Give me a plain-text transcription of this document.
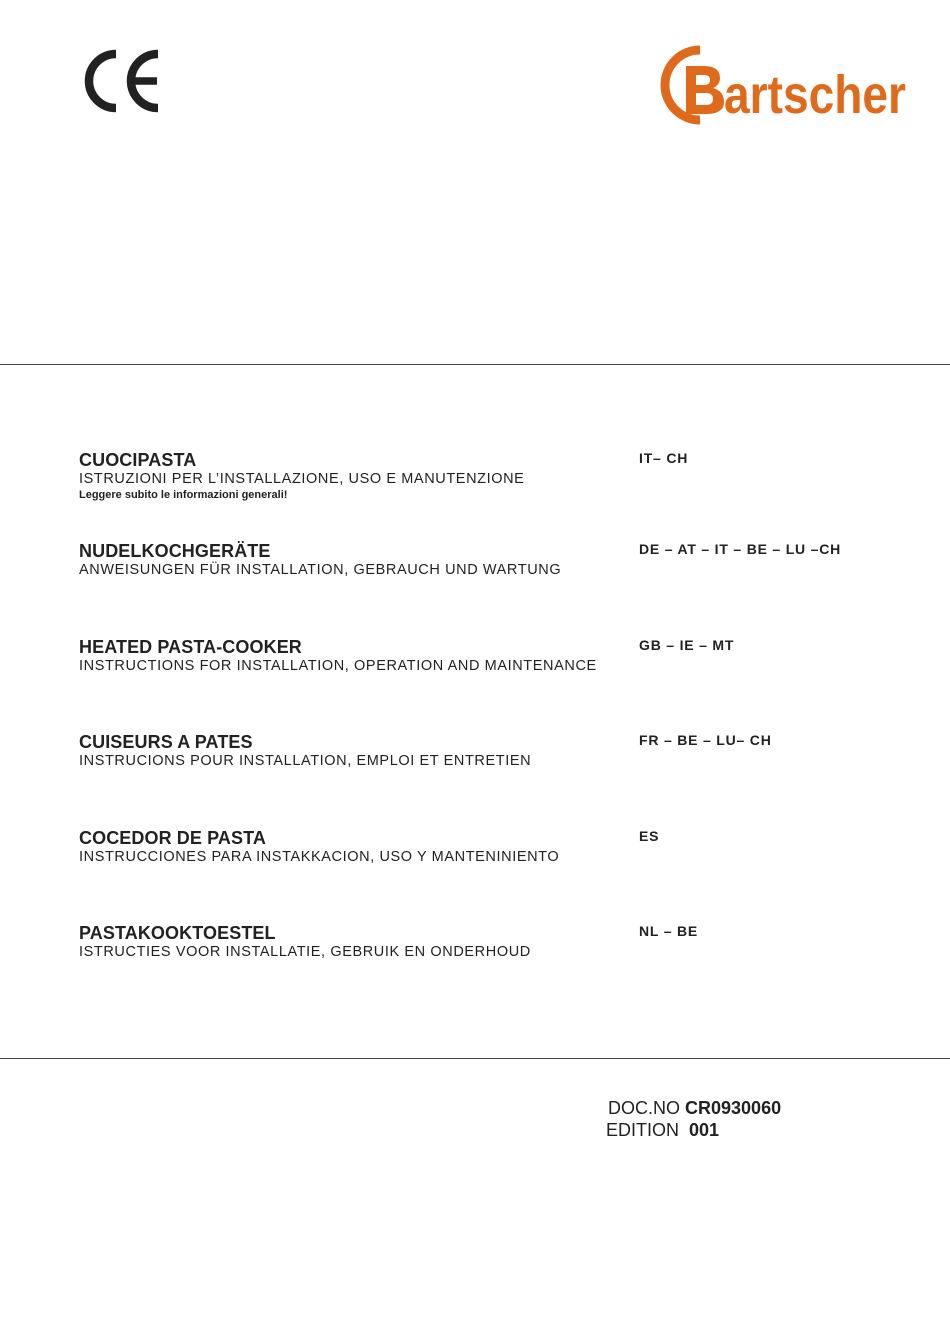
artscher
CUOCIPASTA
ISTRUZIONI PER L’INSTALLAZIONE, USO E MANUTENZIONE
Leggere subito le informazioni generali!
IT– CH
NUDELKOCHGERÄTE
ANWEISUNGEN FÜR INSTALLATION, GEBRAUCH UND WARTUNG
DE – AT – IT – BE – LU –CH
HEATED PASTA-COOKER
INSTRUCTIONS FOR INSTALLATION, OPERATION AND MAINTENANCE
GB – IE – MT
CUISEURS A PATES
INSTRUCIONS POUR INSTALLATION, EMPLOI ET ENTRETIEN
FR – BE – LU– CH
COCEDOR DE PASTA
INSTRUCCIONES PARA INSTAKKACION, USO Y MANTENINIENTO
ES
PASTAKOOKTOESTEL
ISTRUCTIES VOOR INSTALLATIE, GEBRUIK EN ONDERHOUD
NL – BE
DOC.NO CR0930060
EDITION 001
